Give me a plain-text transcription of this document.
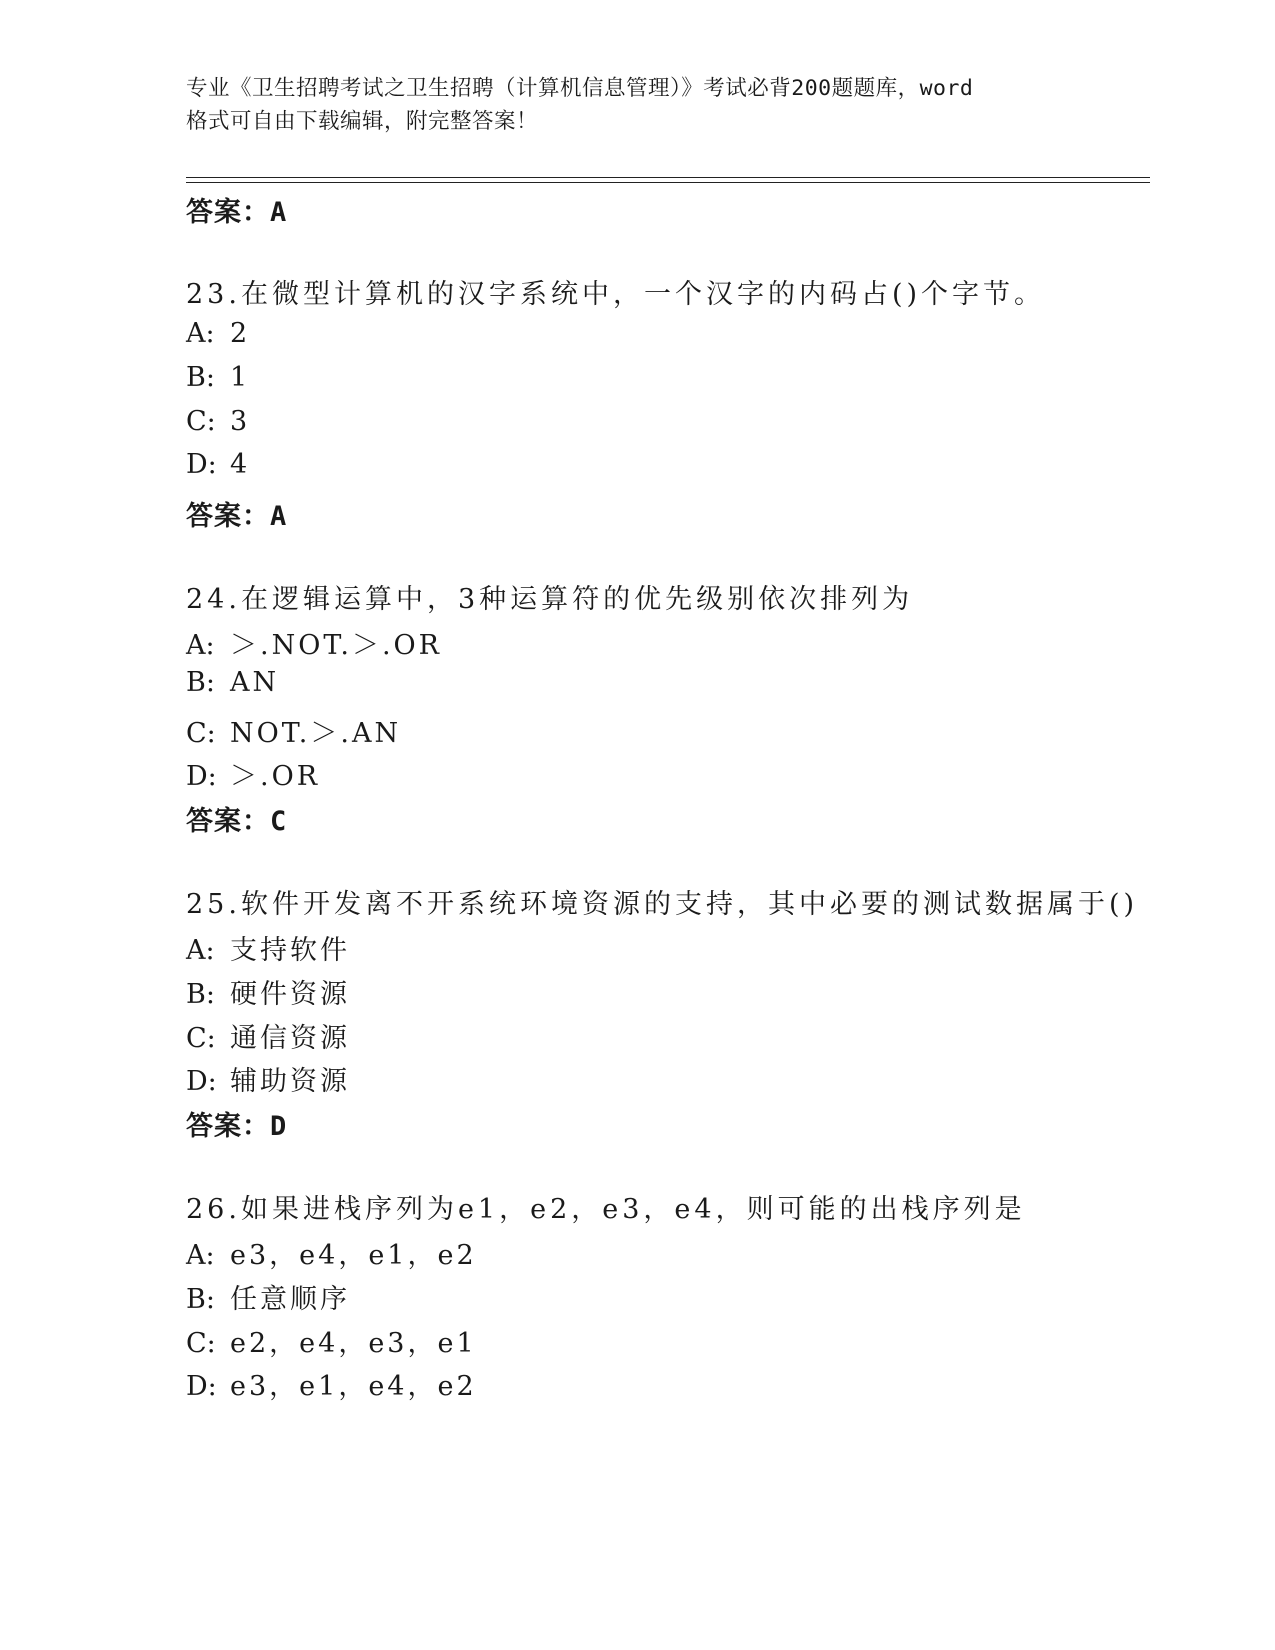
专业《卫生招聘考试之卫生招聘（计算机信息管理）》考试必背200题题库，word
格式可自由下载编辑，附完整答案！
答案：A
23.在微型计算机的汉字系统中，一个汉字的内码占()个字节。
A: 2
B: 1
C: 3
D: 4
答案：A
24.在逻辑运算中，3种运算符的优先级别依次排列为
A: ＞.NOT.＞.OR
B: AN
C: NOT.＞.AN
D: ＞.OR
答案：C
25.软件开发离不开系统环境资源的支持，其中必要的测试数据属于()
A: 支持软件
B: 硬件资源
C: 通信资源
D: 辅助资源
答案：D
26.如果进栈序列为e1，e2，e3，e4，则可能的出栈序列是
A: e3，e4，e1，e2
B: 任意顺序
C: e2，e4，e3，e1
D: e3，e1，e4，e2
